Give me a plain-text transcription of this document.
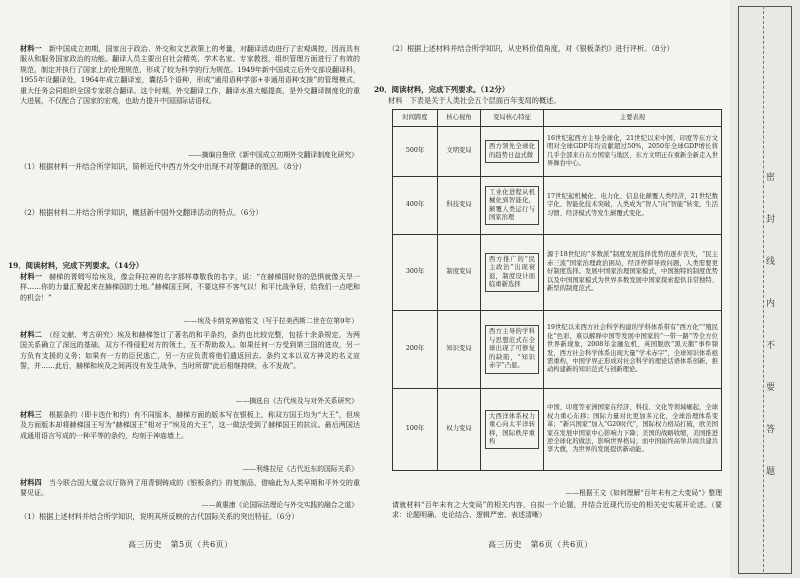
材料一　 新中国成立初期，国家出于政治、外交和文艺政策上的考量，对翻译活动进行了宏观调控，因而具有服从和服务国家政治的功能。翻译人员主要出自社会精英、学术名家、专家教授，组织管理方面进行了有效的规范，制定并执行了国家上的伦理规范，形成了较为科学的行为规范。1949年新中国成立后外交部设翻译科，1955年设翻译处，1964年成立翻译室，囊括5个语种，形成“通用语种学部+非通用语种支援”的管理模式，重大任务会同组织全国专家联合翻译。这个时期，外交翻译工作，翻译水准大幅提高，是外交翻译制度化的重大进展，不仅配合了国家的宏观，也助力提升中国国际话语权。
——摘编自鲁欣《新中国成立初期外交翻译制度化研究》
（1）根据材料一并结合所学知识，简析近代中西方外交中出现不对等翻译的原因。（8分）
（2）根据材料二并结合所学知识，概括新中国外交翻译活动的特点。（6分）
19．阅读材料，完成下列要求。（14分）
材料一　 赫梯的胥姆写给埃及，像会拜拉神的名字那样尊敬我的名字，说：“在赫梯国时你的恐惧就像天旱一样……你的力量汇聚起来在赫梯国的土地。”赫梯国王阿，不要这样不客气以！和平比战争好，给我们一点吧和的机会！”
——埃及卡纳克神庙铭文（写于拉美西斯二世在位第9年）
材料二　 （经文献、考古研究）埃及和赫梯签订了著名的和平条约，条约也比较完整，包括十余条规定，为两国关系确立了深远的基础，双方不得侵犯对方的领土，互不帮助敌人。如果任何一方受到第三国的进攻，另一方负有支援的义务；如果有一方的臣民逃亡，另一方应负责将他们遣返回去。条约文本以双方神灵的名义宣誓，并……此后，赫梯和埃及之间再没有发生战争，当时所谓“此后相继持续，永不发战”。
——摘选自《古代埃及与对外关系研究》
材料三　 根据条约（即卡迭什和约）有不同版本，赫梯方面的版本写在银板上，称双方国王均为“大王”，但埃及方面版本却将赫梯国王写为“赫梯国王”相对于“埃及的大王”，这一做法受到了赫梯国王的抗议。最后两国达成通用语言写成的一种平等的条约，均刻于神庙墙上。
——利维拉尼《古代近东的国际关系》
材料四　 当今联合国大厦会议厅陈列了用青铜铸成的《银板条约》的复制品，借喻此为人类早期和平外交的重要见证。
——黄惠康《论国际法理论与外交实践的融合之道》
（1）根据上述材料并结合所学知识，说明其所反映的古代国际关系的突出特征。（6分）
高三历史　第5页（共6页）
（2）根据上述材料并结合所学知识，从史料价值角度，对《银板条约》进行评析。（8分）
20．阅读材料，完成下列要求。（12分）
材料　下表是关于人类社会五个层面百年变局的概述。
时间跨度	核心视角	变局核心特征	主要表现
500年	文明变局	西方领先全球化的趋势日益式微	16世纪起西方主导全球化，21世纪以来中国、印度等东方文明对全球GDP年均贡献超过50%，2050年全球GDP增长将几乎全部来自东方国家与地区，东方文明正在重新全新走入世界舞台中心。
400年	科技变局	工业化进程从机械化到智能化，颠覆人类运行与国家治理	17世纪起机械化、电力化、信息化颠覆人类经济，21世纪数字化、智能化技术突破，人类成为“智人”向“智能”转变，生活习惯、经济模式等发生颠覆式变化。
300年	制度变局	西方推广的“民主政治”出现衰退，制度设计面临重新选择	源于18世纪的“多数派”制度发展选择优势的逐步丧失，“民主赤三流”国家治理政治困局，经济停滞导致问题，人类需要更好制度选择。发展中国家治理国家模式，中国独特的制度优势以及中国国家模式为世界多数发展中国家探索提供非常独特、新型的制度范式。
200年	知识变局	西方主导的学科与思想范式在全球出现了可修复的缺陷，“知识赤字”凸显。	19世纪以来西方社会科学构建的学科体系带有“西方化”“殖民化”色彩，难以解释中国等发展中国家的“一带一路”等全方位世界新现象，2008年金融危机、英国脱欧“黑天鹅”事件频发，西方社会科学体系出现大量“学术赤字”，全球知识体系亟需重构，中国学界正形成对社会科学的理论话语体系创新，推动构建新的知识范式与创新理论。
100年	权力变局	大西洋体系权力重心向太平洋转移，国际秩序重构	中国、印度等亚洲国家在经济、科技、文化等领域崛起，全球权力重心东移；国际力量对比更加多元化，全球治理体系变革；“新兴国家”加入“G20时代”，国际权力格局打破，欧美国家在发展中国家中心影响力下降；美国的战略收缩，美国推进逆全球化的做法，影响世界格局；而中国始终高举共商共建共享大旗，为世界的发展提供新动能。
——根据王文《如何理解“百年未有之大变局”》整理
请就材料“百年未有之大变局”的相关内容，自拟一个论题，并结合近现代历史的相关史实展开论述。（要求：论题明确、史论结合、逻辑严密、表述清晰）
高三历史　第6页（共6页）
密
封
线
内
不
要
答
题
